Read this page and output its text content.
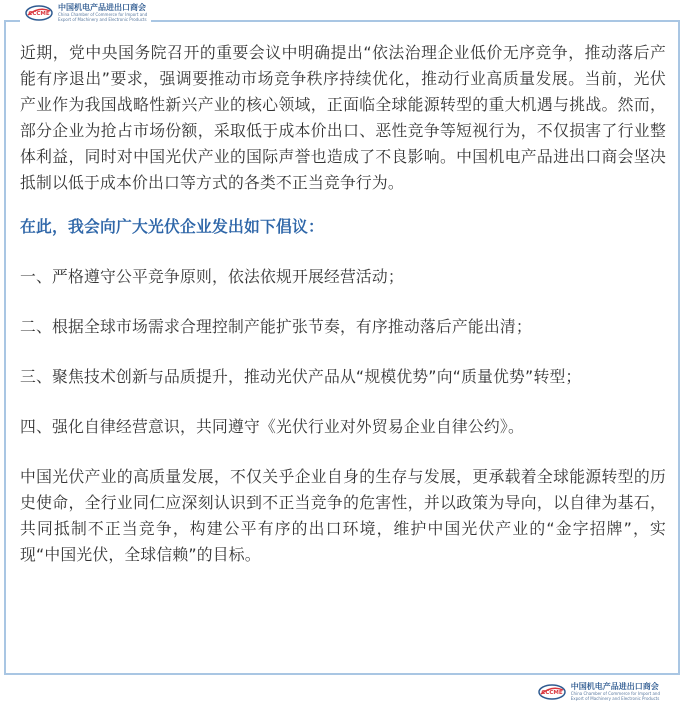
CCCME
中国机电产品进出口商会
China Chamber of Commerce for Import and
Export of Machinery and Electronic Products

近期，党中央国务院召开的重要会议中明确提出“依法治理企业低价无序竞争，推动落后产能有序退出”要求，强调要推动市场竞争秩序持续优化，推动行业高质量发展。当前，光伏产业作为我国战略性新兴产业的核心领域，正面临全球能源转型的重大机遇与挑战。然而，部分企业为抢占市场份额，采取低于成本价出口、恶性竞争等短视行为，不仅损害了行业整体利益，同时对中国光伏产业的国际声誉也造成了不良影响。中国机电产品进出口商会坚决抵制以低于成本价出口等方式的各类不正当竞争行为。

在此，我会向广大光伏企业发出如下倡议：

一、严格遵守公平竞争原则，依法依规开展经营活动；

二、根据全球市场需求合理控制产能扩张节奏，有序推动落后产能出清；

三、聚焦技术创新与品质提升，推动光伏产品从“规模优势”向“质量优势”转型；

四、强化自律经营意识，共同遵守《光伏行业对外贸易企业自律公约》。

中国光伏产业的高质量发展，不仅关乎企业自身的生存与发展，更承载着全球能源转型的历史使命，全行业同仁应深刻认识到不正当竞争的危害性，并以政策为导向，以自律为基石，共同抵制不正当竞争，构建公平有序的出口环境，维护中国光伏产业的“金字招牌”，实现“中国光伏，全球信赖”的目标。

CCCME
中国机电产品进出口商会
China Chamber of Commerce for Import and
Export of Machinery and Electronic Products
